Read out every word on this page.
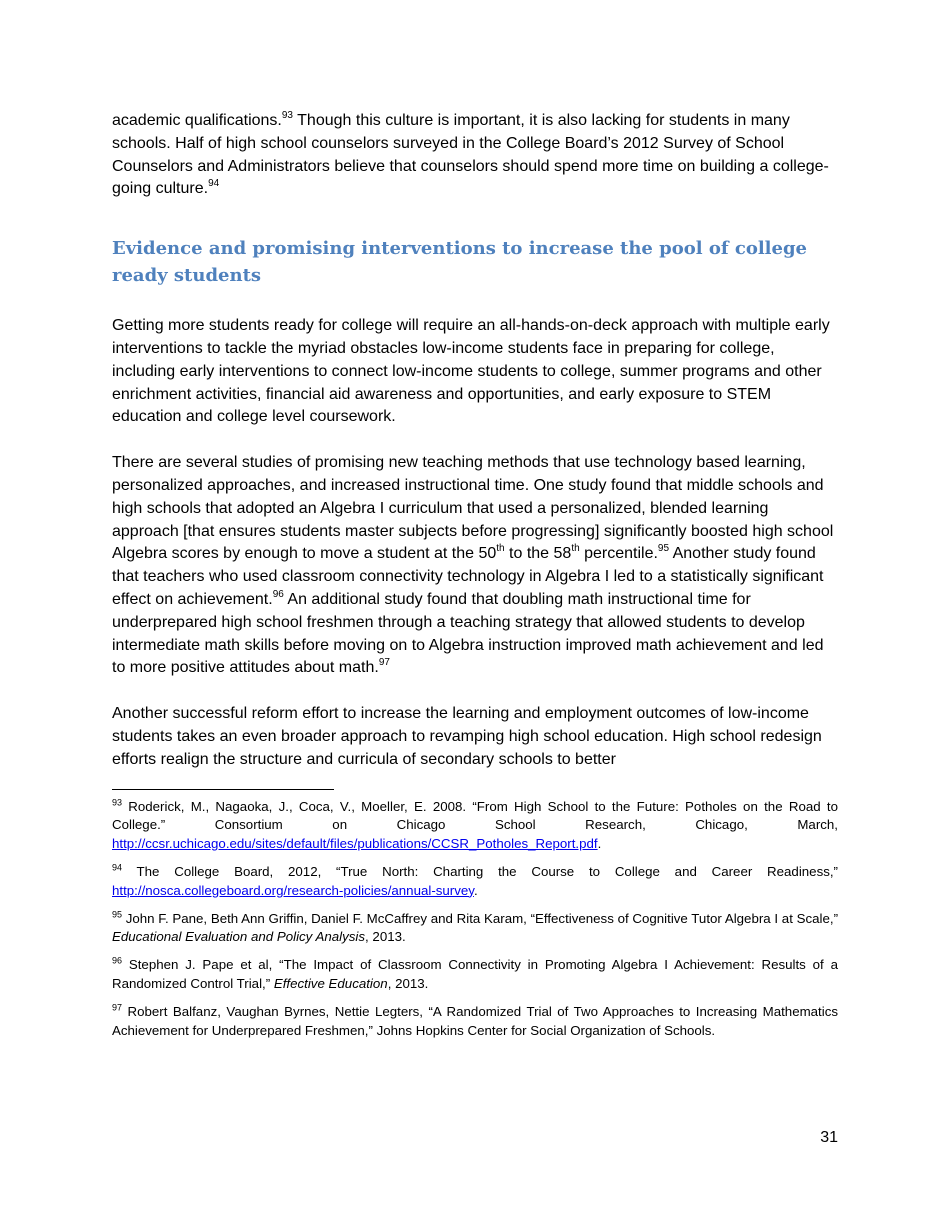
academic qualifications.$^{93}$ Though this culture is important, it is also lacking for students in many schools. Half of high school counselors surveyed in the College Board’s 2012 Survey of School Counselors and Administrators believe that counselors should spend more time on building a college-going culture.$^{94}$

Evidence and promising interventions to increase the pool of college ready students

Getting more students ready for college will require an all-hands-on-deck approach with multiple early interventions to tackle the myriad obstacles low-income students face in preparing for college, including early interventions to connect low-income students to college, summer programs and other enrichment activities, financial aid awareness and opportunities, and early exposure to STEM education and college level coursework.

There are several studies of promising new teaching methods that use technology based learning, personalized approaches, and increased instructional time. One study found that middle schools and high schools that adopted an Algebra I curriculum that used a personalized, blended learning approach [that ensures students master subjects before progressing] significantly boosted high school Algebra scores by enough to move a student at the 50th to the 58th percentile.$^{95}$ Another study found that teachers who used classroom connectivity technology in Algebra I led to a statistically significant effect on achievement.$^{96}$ An additional study found that doubling math instructional time for underprepared high school freshmen through a teaching strategy that allowed students to develop intermediate math skills before moving on to Algebra instruction improved math achievement and led to more positive attitudes about math.$^{97}$

Another successful reform effort to increase the learning and employment outcomes of low-income students takes an even broader approach to revamping high school education. High school redesign efforts realign the structure and curricula of secondary schools to better

$^{93}$ Roderick, M., Nagaoka, J., Coca, V., Moeller, E. 2008. “From High School to the Future: Potholes on the Road to College.” Consortium on Chicago School Research, Chicago, March, http://ccsr.uchicago.edu/sites/default/files/publications/CCSR_Potholes_Report.pdf.
$^{94}$ The College Board, 2012, “True North: Charting the Course to College and Career Readiness,” http://nosca.collegeboard.org/research-policies/annual-survey.
$^{95}$ John F. Pane, Beth Ann Griffin, Daniel F. McCaffrey and Rita Karam, “Effectiveness of Cognitive Tutor Algebra I at Scale,” Educational Evaluation and Policy Analysis, 2013.
$^{96}$ Stephen J. Pape et al, “The Impact of Classroom Connectivity in Promoting Algebra I Achievement: Results of a Randomized Control Trial,” Effective Education, 2013.
$^{97}$ Robert Balfanz, Vaughan Byrnes, Nettie Legters, “A Randomized Trial of Two Approaches to Increasing Mathematics Achievement for Underprepared Freshmen,” Johns Hopkins Center for Social Organization of Schools.
31
